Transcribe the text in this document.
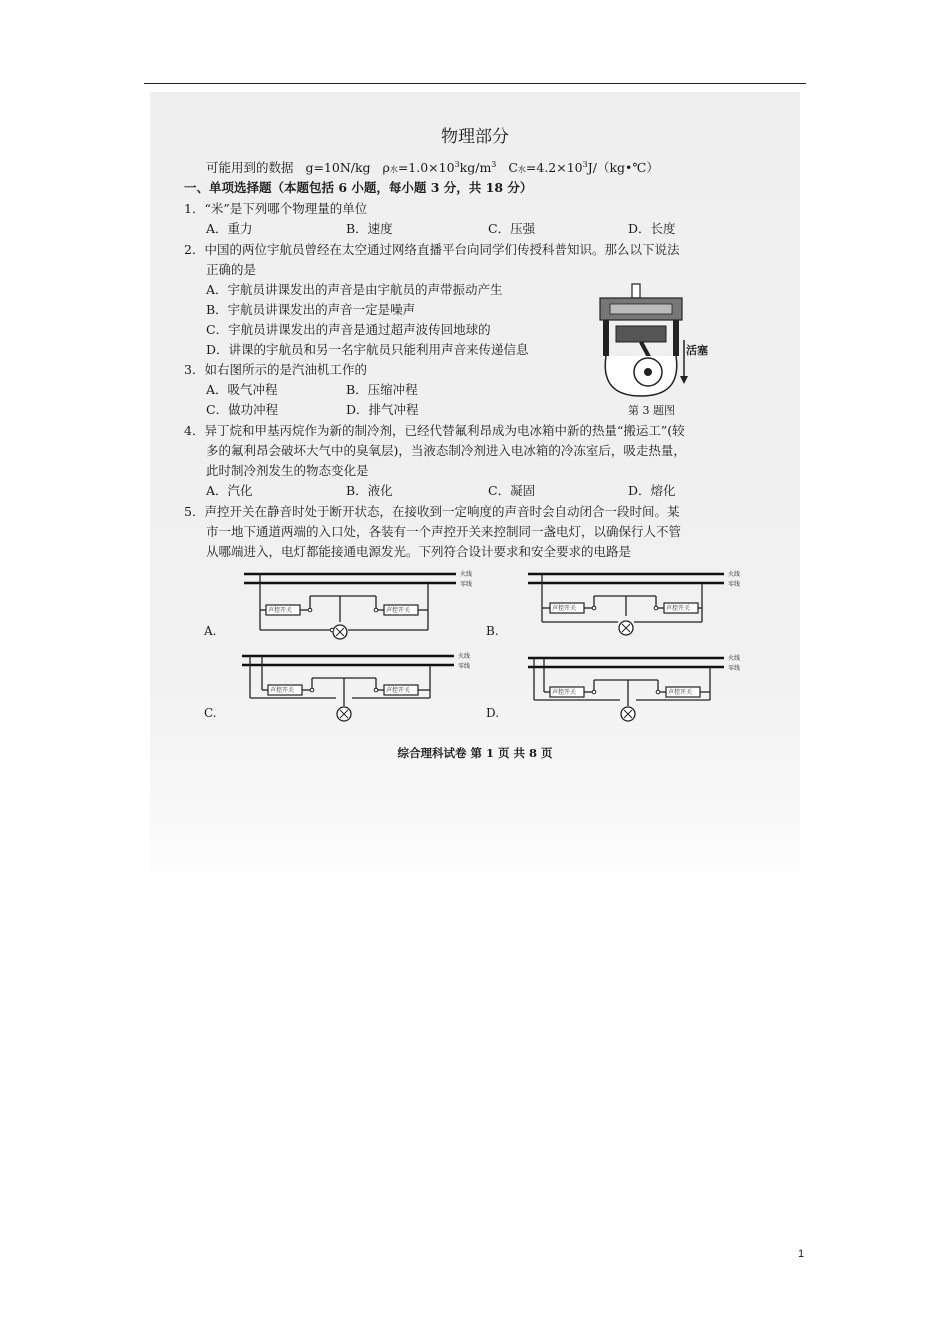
物理部分
可能用到的数据 g=10N/kg ρ水$=1.0\times 10^3kg/m^3$ C水$=4.2\times 10^3J/(kg•℃)$
一、单项选择题（本题包括 6 小题，每小题 3 分，共 18 分）
1．“米”是下列哪个物理量的单位
A．重力	B．速度	C．压强	D．长度
2．中国的两位宇航员曾经在太空通过网络直播平台向同学们传授科普知识。那么以下说法
正确的是
A．宇航员讲课发出的声音是由宇航员的声带振动产生
B．宇航员讲课发出的声音一定是噪声
C．宇航员讲课发出的声音是通过超声波传回地球的
D．讲课的宇航员和另一名宇航员只能利用声音来传递信息
3．如右图所示的是汽油机工作的
A．吸气冲程	B．压缩冲程
C．做功冲程	D．排气冲程
活塞
第 3 题图
4．异丁烷和甲基丙烷作为新的制冷剂，已经代替氟利昂成为电冰箱中新的热量“搬运工”(较
多的氟利昂会破坏大气中的臭氧层)，当液态制冷剂进入电冰箱的冷冻室后，吸走热量，
此时制冷剂发生的物态变化是
A．汽化	B．液化	C．凝固	D．熔化
5．声控开关在静音时处于断开状态，在接收到一定响度的声音时会自动闭合一段时间。某
市一地下通道两端的入口处，各装有一个声控开关来控制同一盏电灯，以确保行人不管
从哪端进入，电灯都能接通电源发光。下列符合设计要求和安全要求的电路是
火线
零线
声控开关	声控开关
A.
火线
零线
声控开关	声控开关
B.
火线
零线
声控开关	声控开关
C.
火线
零线
声控开关	声控开关
D.
综合理科试卷 第 1 页 共 8 页
1
